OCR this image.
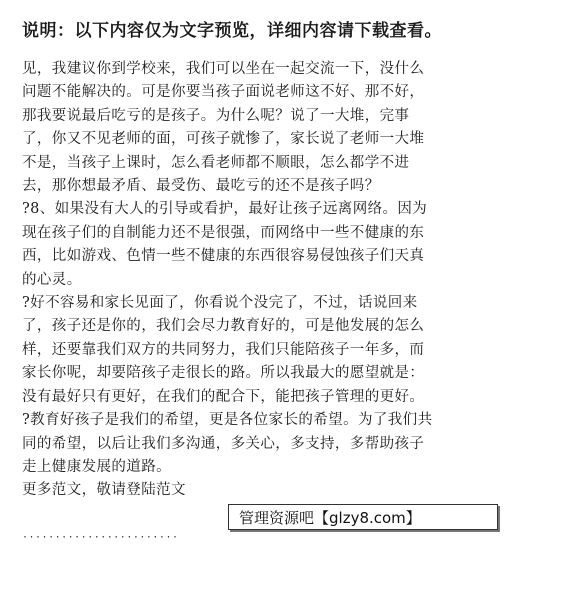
说明：以下内容仅为文字预览，详细内容请下载查看。
见，我建议你到学校来，我们可以坐在一起交流一下，没什么
问题不能解决的。可是你要当孩子面说老师这不好、那不好，
那我要说最后吃亏的是孩子。为什么呢？说了一大堆，完事
了，你又不见老师的面，可孩子就惨了，家长说了老师一大堆
不是，当孩子上课时，怎么看老师都不顺眼，怎么都学不进
去，那你想最矛盾、最受伤、最吃亏的还不是孩子吗？
?8、如果没有大人的引导或看护，最好让孩子远离网络。因为
现在孩子们的自制能力还不是很强，而网络中一些不健康的东
西，比如游戏、色情一些不健康的东西很容易侵蚀孩子们天真
的心灵。
?好不容易和家长见面了，你看说个没完了，不过，话说回来
了，孩子还是你的，我们会尽力教育好的，可是他发展的怎么
样，还要靠我们双方的共同努力，我们只能陪孩子一年多，而
家长你呢，却要陪孩子走很长的路。所以我最大的愿望就是：
没有最好只有更好，在我们的配合下，能把孩子管理的更好。
?教育好孩子是我们的希望，更是各位家长的希望。为了我们共
同的希望，以后让我们多沟通，多关心，多支持，多帮助孩子
走上健康发展的道路。
更多范文，敬请登陆范文
管理资源吧【glzy8.com】
························
